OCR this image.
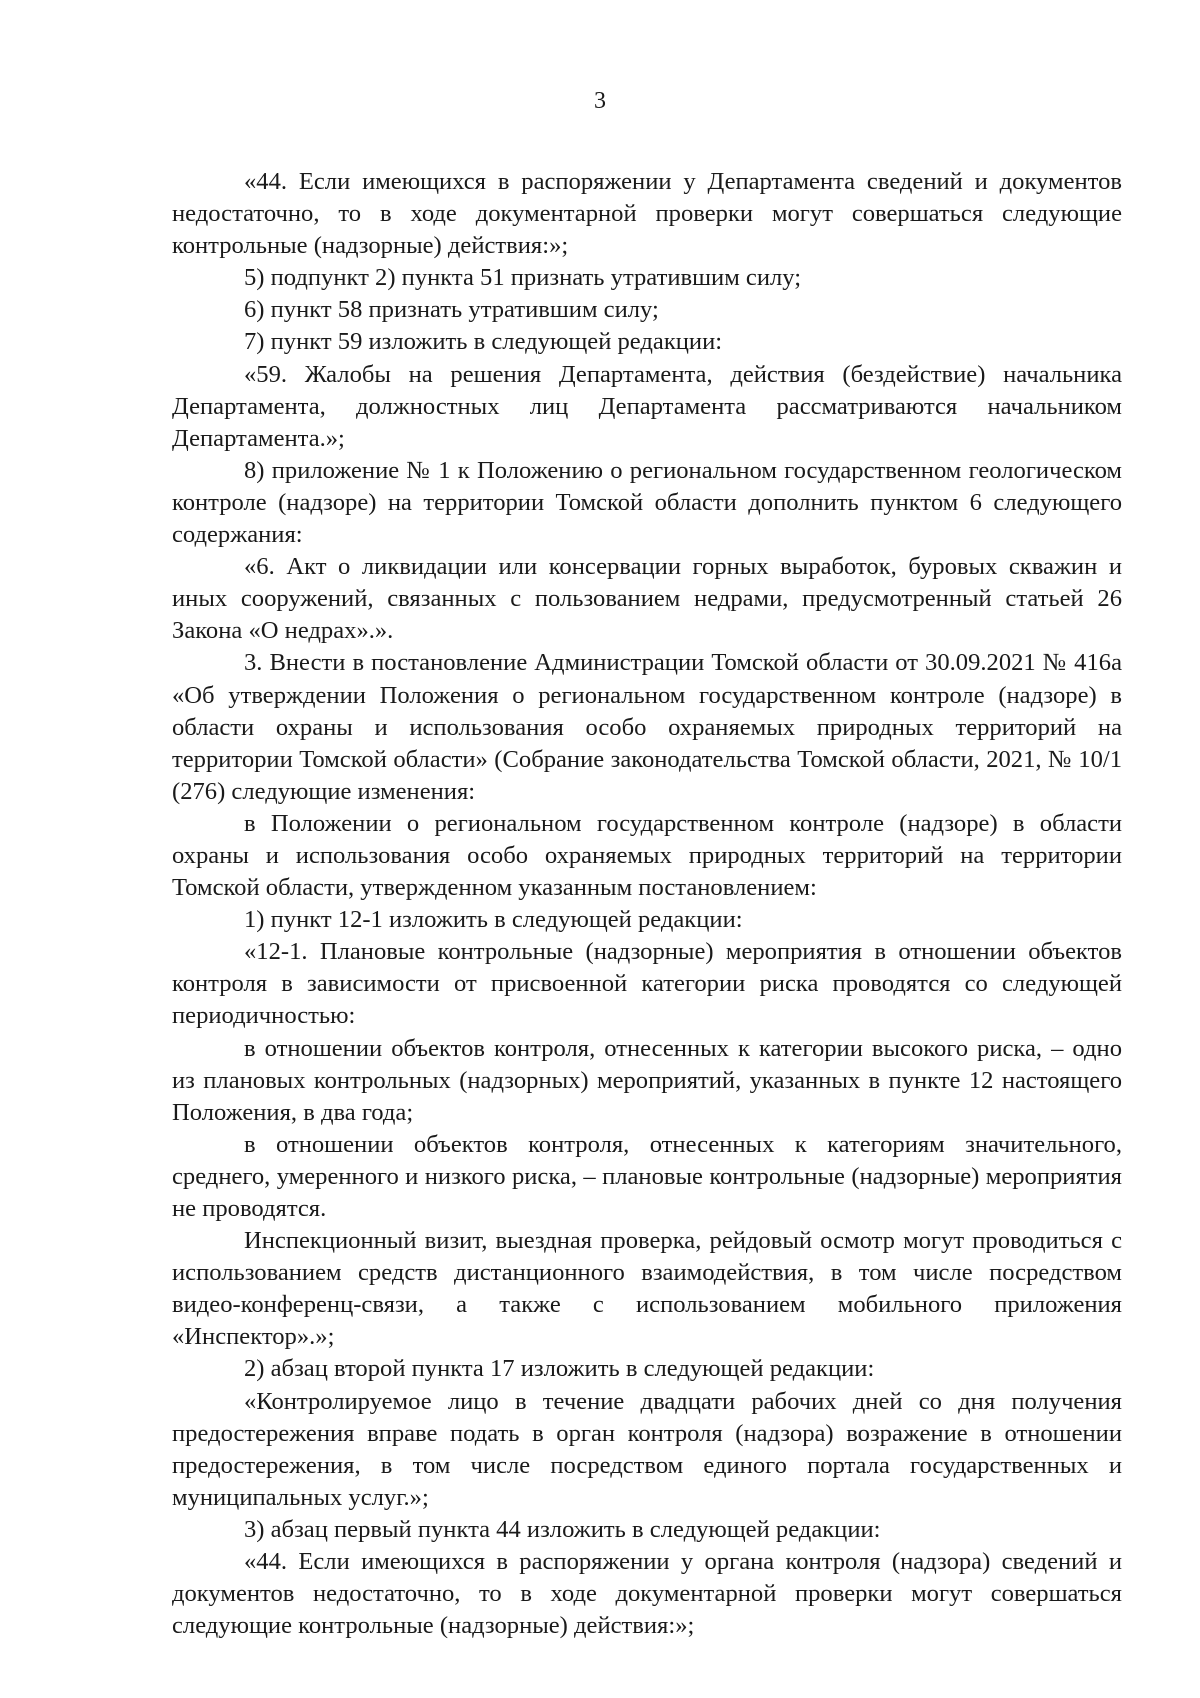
3

«44. Если имеющихся в распоряжении у Департамента сведений и документов недостаточно, то в ходе документарной проверки могут совершаться следующие контрольные (надзорные) действия:»;

5) подпункт 2) пункта 51 признать утратившим силу;

6) пункт 58 признать утратившим силу;

7) пункт 59 изложить в следующей редакции:

«59. Жалобы на решения Департамента, действия (бездействие) начальника Департамента, должностных лиц Департамента рассматриваются начальником Департамента.»;

8) приложение № 1 к Положению о региональном государственном геологическом контроле (надзоре) на территории Томской области дополнить пунктом 6 следующего содержания:

«6. Акт о ликвидации или консервации горных выработок, буровых скважин и иных сооружений, связанных с пользованием недрами, предусмотренный статьей 26 Закона «О недрах».».

3. Внести в постановление Администрации Томской области от 30.09.2021 № 416а «Об утверждении Положения о региональном государственном контроле (надзоре) в области охраны и использования особо охраняемых природных территорий на территории Томской области» (Собрание законодательства Томской области, 2021, № 10/1 (276) следующие изменения:

в Положении о региональном государственном контроле (надзоре) в области охраны и использования особо охраняемых природных территорий на территории Томской области, утвержденном указанным постановлением:

1) пункт 12-1 изложить в следующей редакции:

«12-1. Плановые контрольные (надзорные) мероприятия в отношении объектов контроля в зависимости от присвоенной категории риска проводятся со следующей периодичностью:

в отношении объектов контроля, отнесенных к категории высокого риска, – одно из плановых контрольных (надзорных) мероприятий, указанных в пункте 12 настоящего Положения, в два года;

в отношении объектов контроля, отнесенных к категориям значительного, среднего, умеренного и низкого риска, – плановые контрольные (надзорные) мероприятия не проводятся.

Инспекционный визит, выездная проверка, рейдовый осмотр могут проводиться с использованием средств дистанционного взаимодействия, в том числе посредством видео-конференц-связи, а также с использованием мобильного приложения «Инспектор».»;

2) абзац второй пункта 17 изложить в следующей редакции:

«Контролируемое лицо в течение двадцати рабочих дней со дня получения предостережения вправе подать в орган контроля (надзора) возражение в отношении предостережения, в том числе посредством единого портала государственных и муниципальных услуг.»;

3) абзац первый пункта 44 изложить в следующей редакции:

«44. Если имеющихся в распоряжении у органа контроля (надзора) сведений и документов недостаточно, то в ходе документарной проверки могут совершаться следующие контрольные (надзорные) действия:»;
